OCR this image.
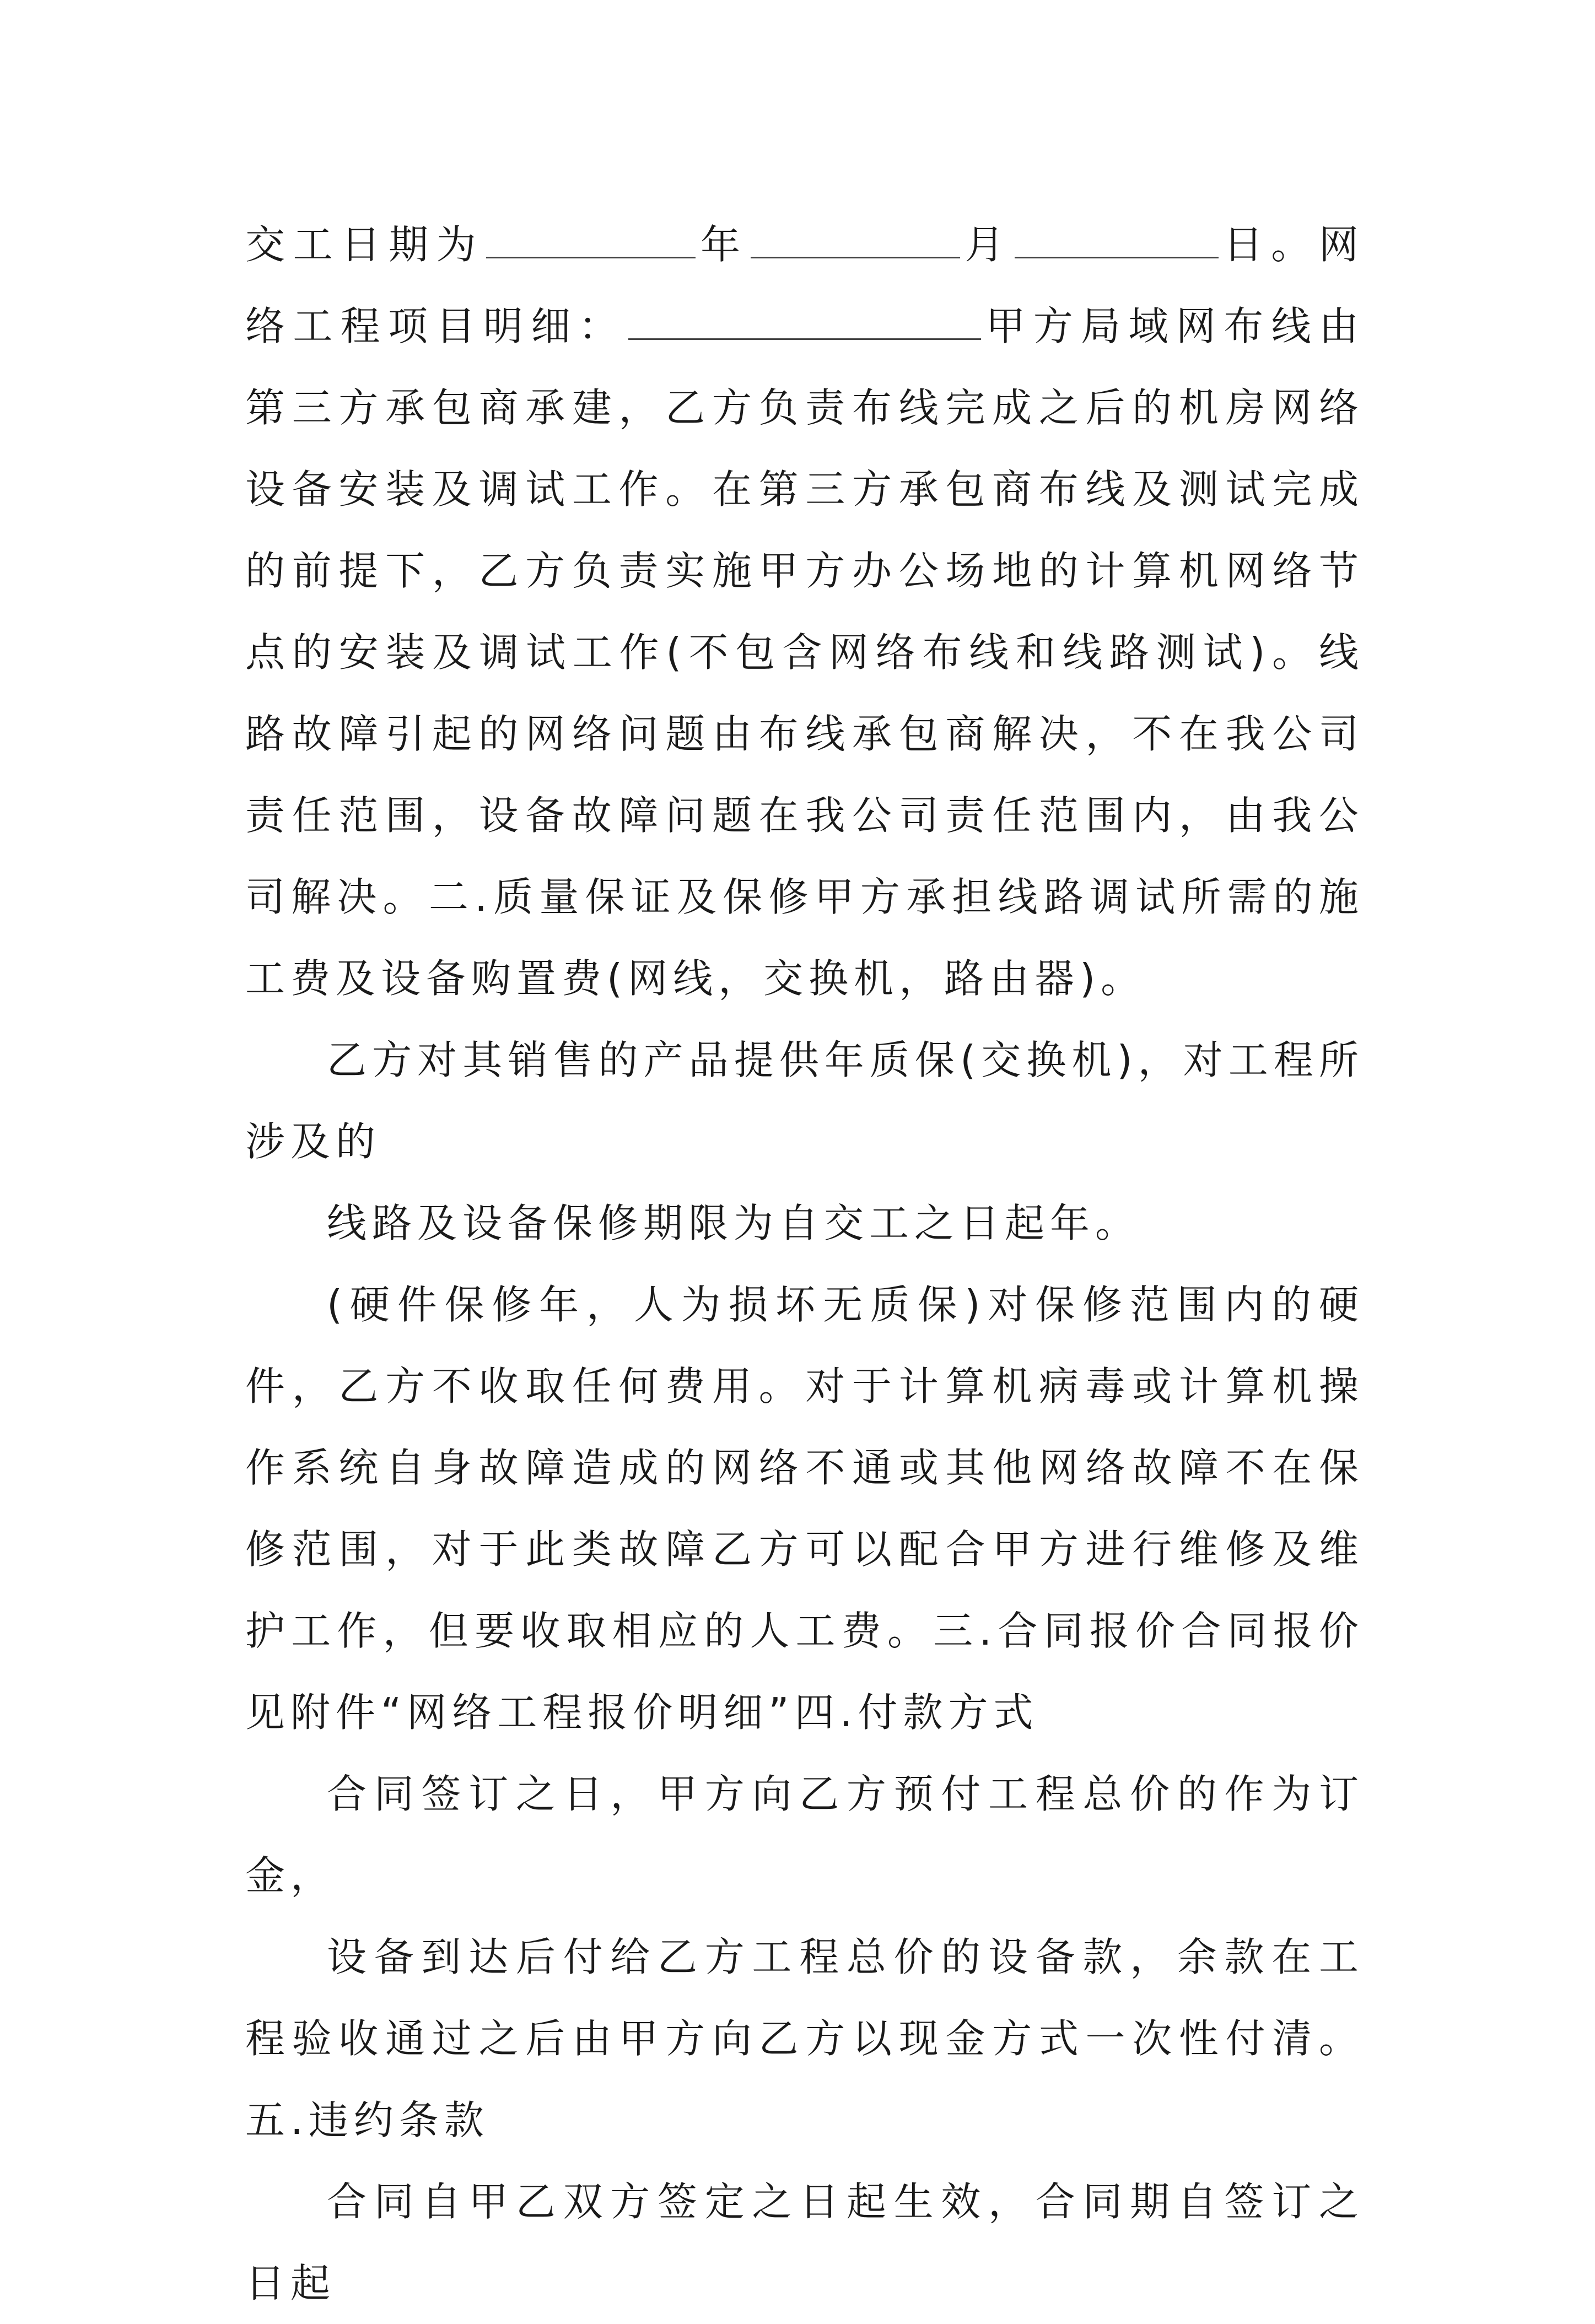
交工日期为	年	月	日。网络工程项目明细：	甲方局域网布线由第三方承包商承建，乙方负责布线完成之后的机房网络设备安装及调试工作。在第三方承包商布线及测试完成的前提下，乙方负责实施甲方办公场地的计算机网络节点的安装及调试工作(不包含网络布线和线路测试)。线路故障引起的网络问题由布线承包商解决，不在我公司责任范围，设备故障问题在我公司责任范围内，由我公司解决。二.质量保证及保修甲方承担线路调试所需的施工费及设备购置费(网线，交换机，路由器)。

乙方对其销售的产品提供年质保(交换机)，对工程所涉及的

线路及设备保修期限为自交工之日起年。

(硬件保修年，人为损坏无质保)对保修范围内的硬件，乙方不收取任何费用。对于计算机病毒或计算机操作系统自身故障造成的网络不通或其他网络故障不在保修范围，对于此类故障乙方可以配合甲方进行维修及维护工作，但要收取相应的人工费。三.合同报价合同报价见附件“网络工程报价明细”四.付款方式

合同签订之日，甲方向乙方预付工程总价的作为订金，

设备到达后付给乙方工程总价的设备款，余款在工程验收通过之后由甲方向乙方以现金方式一次性付清。五.违约条款

合同自甲乙双方签定之日起生效，合同期自签订之日起
